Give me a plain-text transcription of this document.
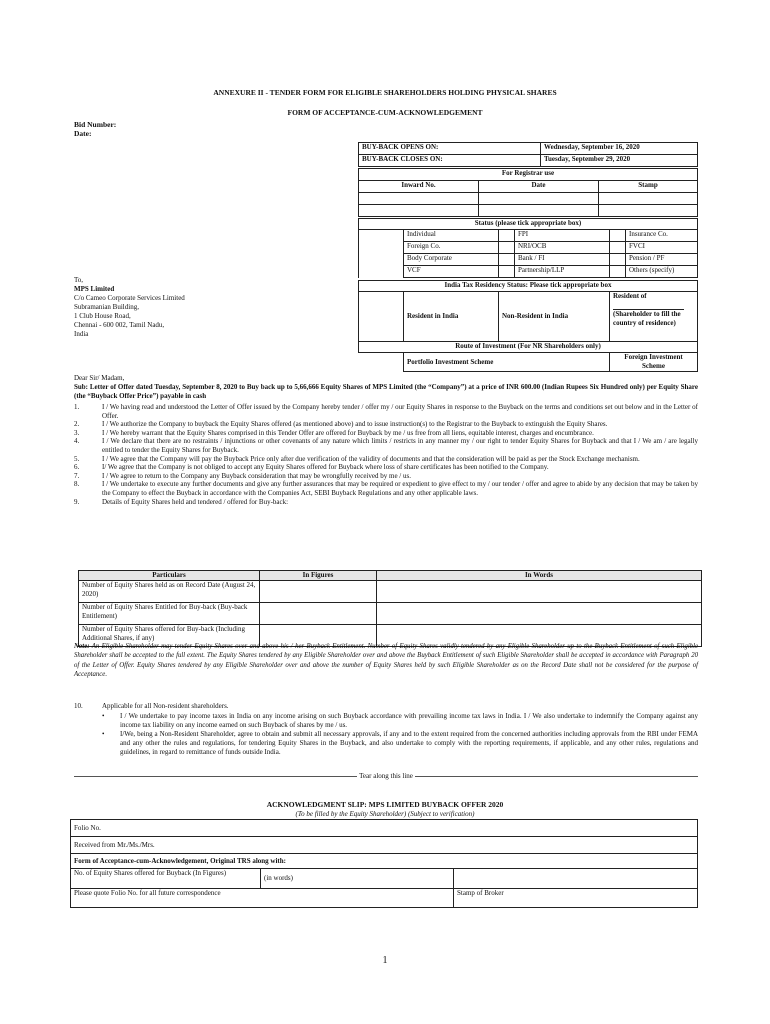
ANNEXURE II - TENDER FORM FOR ELIGIBLE SHAREHOLDERS HOLDING PHYSICAL SHARES
FORM OF ACCEPTANCE-CUM-ACKNOWLEDGEMENT
Bid Number:
Date:
BUY-BACK OPENS ON:	Wednesday, September 16, 2020
BUY-BACK CLOSES ON:	Tuesday, September 29, 2020
For Registrar use		
Inward No.	Date	Stamp

Status (please tick appropriate box)					
	Individual		FPI		Insurance Co.
	Foreign Co.		NRI/OCB		FVCI
	Body Corporate		Bank / FI		Pension / PF
	VCF		Partnership/LLP		Others (specify)
India Tax Residency Status: Please tick appropriate box			
	Resident in India	Non-Resident in India	Resident of
(Shareholder to fill the country of residence)

Route of Investment (For NR Shareholders only)			
	Portfolio Investment Scheme		Foreign Investment Scheme
To,
MPS Limited
C/o Cameo Corporate Services Limited
Subramanian Building,
1 Club House Road,
Chennai - 600 002, Tamil Nadu,
India
Dear Sir/ Madam,
Sub: Letter of Offer dated Tuesday, September 8, 2020 to Buy back up to 5,66,666 Equity Shares of MPS Limited (the “Company”) at a price of INR 600.00 (Indian Rupees Six Hundred only) per Equity Share (the “Buyback Offer Price”) payable in cash
1.	I / We having read and understood the Letter of Offer issued by the Company hereby tender / offer my / our Equity Shares in response to the Buyback on the terms and conditions set out below and in the Letter of Offer.
2.	I / We authorize the Company to buyback the Equity Shares offered (as mentioned above) and to issue instruction(s) to the Registrar to the Buyback to extinguish the Equity Shares.
3.	I / We hereby warrant that the Equity Shares comprised in this Tender Offer are offered for Buyback by me / us free from all liens, equitable interest, charges and encumbrance.
4.	I / We declare that there are no restraints / injunctions or other covenants of any nature which limits / restricts in any manner my / our right to tender Equity Shares for Buyback and that I / We am / are legally entitled to tender the Equity Shares for Buyback.
5.	I / We agree that the Company will pay the Buyback Price only after due verification of the validity of documents and that the consideration will be paid as per the Stock Exchange mechanism.
6.	I/ We agree that the Company is not obliged to accept any Equity Shares offered for Buyback where loss of share certificates has been notified to the Company.
7.	I / We agree to return to the Company any Buyback consideration that may be wrongfully received by me / us.
8.	I / We undertake to execute any further documents and give any further assurances that may be required or expedient to give effect to my / our tender / offer and agree to abide by any decision that may be taken by the Company to effect the Buyback in accordance with the Companies Act, SEBI Buyback Regulations and any other applicable laws.
9.	Details of Equity Shares held and tendered / offered for Buy-back:
Particulars	In Figures	In Words
Number of Equity Shares held as on Record Date (August 24, 2020)		
Number of Equity Shares Entitled for Buy-back (Buy-back Entitlement)		
Number of Equity Shares offered for Buy-back (Including Additional Shares, if any)		
Note: An Eligible Shareholder may tender Equity Shares over and above his / her Buyback Entitlement. Number of Equity Shares validly tendered by any Eligible Shareholder up to the Buyback Entitlement of such Eligible Shareholder shall be accepted to the full extent. The Equity Shares tendered by any Eligible Shareholder over and above the Buyback Entitlement of such Eligible Shareholder shall be accepted in accordance with Paragraph 20 of the Letter of Offer. Equity Shares tendered by any Eligible Shareholder over and above the number of Equity Shares held by such Eligible Shareholder as on the Record Date shall not be considered for the purpose of Acceptance.
10.	Applicable for all Non-resident shareholders.
• I / We undertake to pay income taxes in India on any income arising on such Buyback accordance with prevailing income tax laws in India. I / We also undertake to indemnify the Company against any income tax liability on any income earned on such Buyback of shares by me / us.
• I/We, being a Non-Resident Shareholder, agree to obtain and submit all necessary approvals, if any and to the extent required from the concerned authorities including approvals from the RBI under FEMA and any other the rules and regulations, for tendering Equity Shares in the Buyback, and also undertake to comply with the reporting requirements, if applicable, and any other rules, regulations and guidelines, in regard to remittance of funds outside India.
Tear along this line
ACKNOWLEDGMENT SLIP: MPS LIMITED BUYBACK OFFER 2020
(To be filled by the Equity Shareholder) (Subject to verification)
Folio No.		
Received from Mr./Ms./Mrs.		
Form of Acceptance-cum-Acknowledgement, Original TRS along with:		
No. of Equity Shares offered for Buyback (In Figures)	(in words)	
Please quote Folio No. for all future correspondence		Stamp of Broker
1
